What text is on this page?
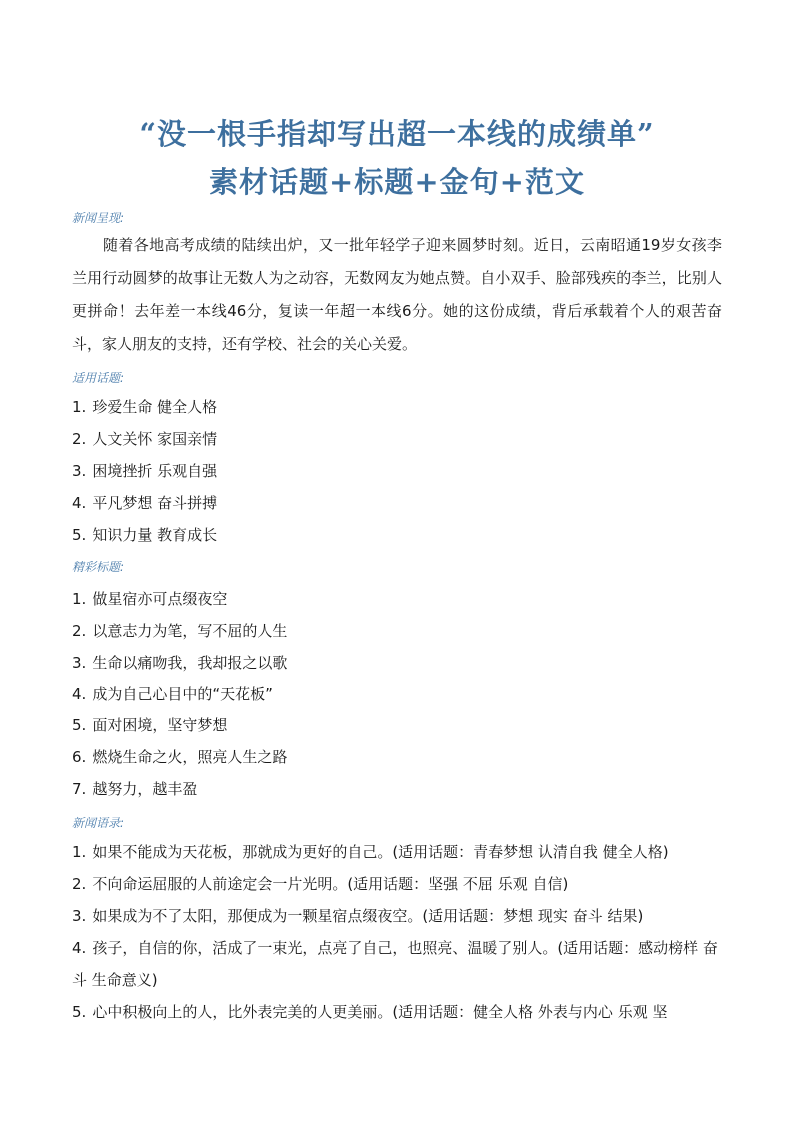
“没一根手指却写出超一本线的成绩单”
素材话题+标题+金句+范文
新闻呈现:
随着各地高考成绩的陆续出炉，又一批年轻学子迎来圆梦时刻。近日，云南昭通19岁女孩李兰用行动圆梦的故事让无数人为之动容，无数网友为她点赞。自小双手、脸部残疾的李兰，比别人更拼命！去年差一本线46分，复读一年超一本线6分。她的这份成绩，背后承载着个人的艰苦奋斗，家人朋友的支持，还有学校、社会的关心关爱。
适用话题:
1. 珍爱生命 健全人格
2. 人文关怀 家国亲情
3. 困境挫折 乐观自强
4. 平凡梦想 奋斗拼搏
5. 知识力量 教育成长
精彩标题:
1. 做星宿亦可点缀夜空
2. 以意志力为笔，写不屈的人生
3. 生命以痛吻我，我却报之以歌
4. 成为自己心目中的“天花板”
5. 面对困境，坚守梦想
6. 燃烧生命之火，照亮人生之路
7. 越努力，越丰盈
新闻语录:
1. 如果不能成为天花板，那就成为更好的自己。(适用话题：青春梦想 认清自我 健全人格)
2. 不向命运屈服的人前途定会一片光明。(适用话题：坚强 不屈 乐观 自信)
3. 如果成为不了太阳，那便成为一颗星宿点缀夜空。(适用话题：梦想 现实 奋斗 结果)
4. 孩子，自信的你，活成了一束光，点亮了自己，也照亮、温暖了别人。(适用话题：感动榜样 奋斗 生命意义)
5. 心中积极向上的人，比外表完美的人更美丽。(适用话题：健全人格 外表与内心 乐观 坚
